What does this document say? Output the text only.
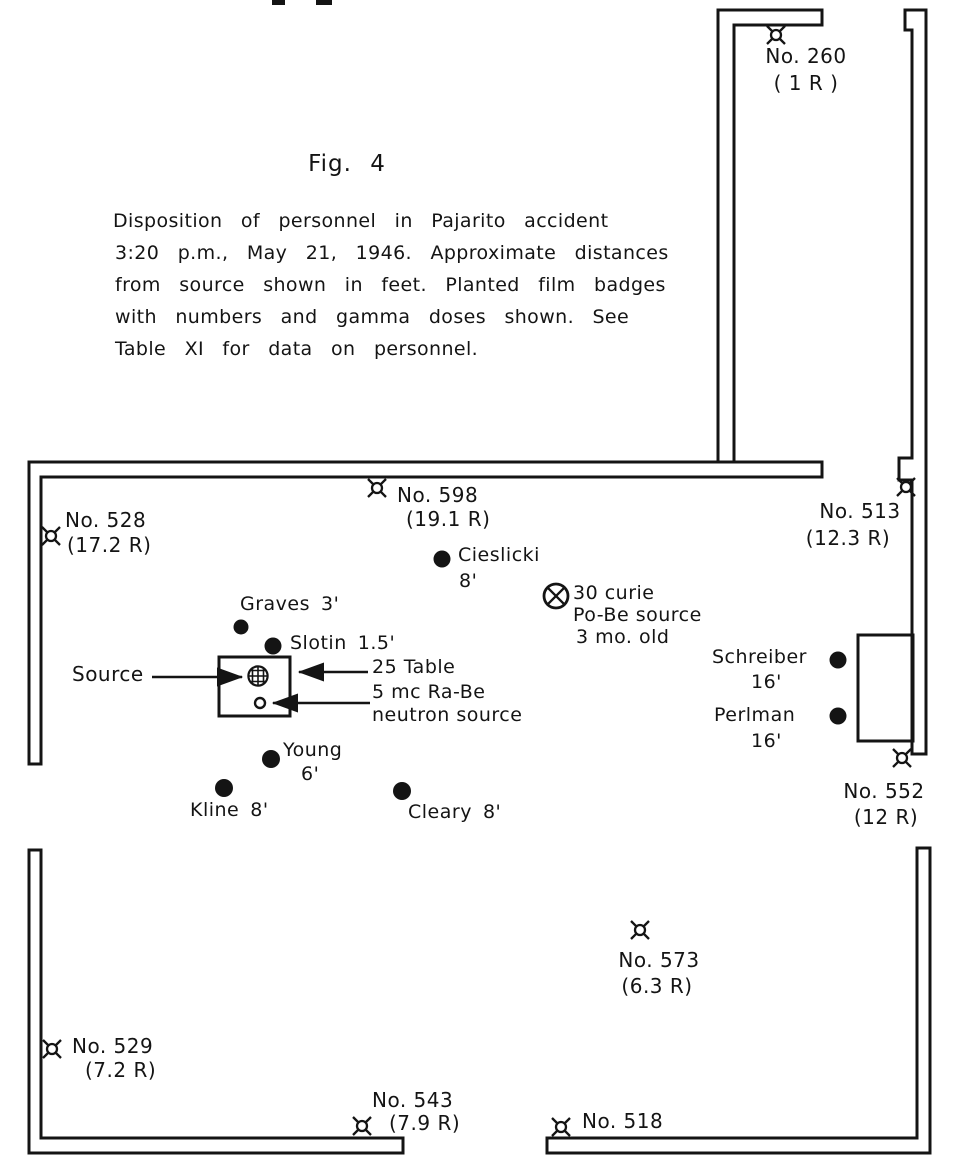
Fig. 4
Disposition of personnel in Pajarito accident
3:20 p.m., May 21, 1946. Approximate distances
from source shown in feet. Planted film badges
with numbers and gamma doses shown. See
Table XI for data on personnel.
No. 260
( 1 R )
No. 598
(19.1 R)
No. 528
(17.2 R)
No. 513
(12.3 R)
No. 552
(12 R)
No. 573
(6.3 R)
No. 529
(7.2 R)
No. 543
(7.9 R)	No. 518
Cieslicki
8'
Graves 3'
Slotin 1.5'
Young
6'
Kline 8'	Cleary 8'
Schreiber
16'
Perlman
16'
Source	25 Table
5 mc Ra-Be
neutron source
30 curie
Po-Be source
3 mo. old
